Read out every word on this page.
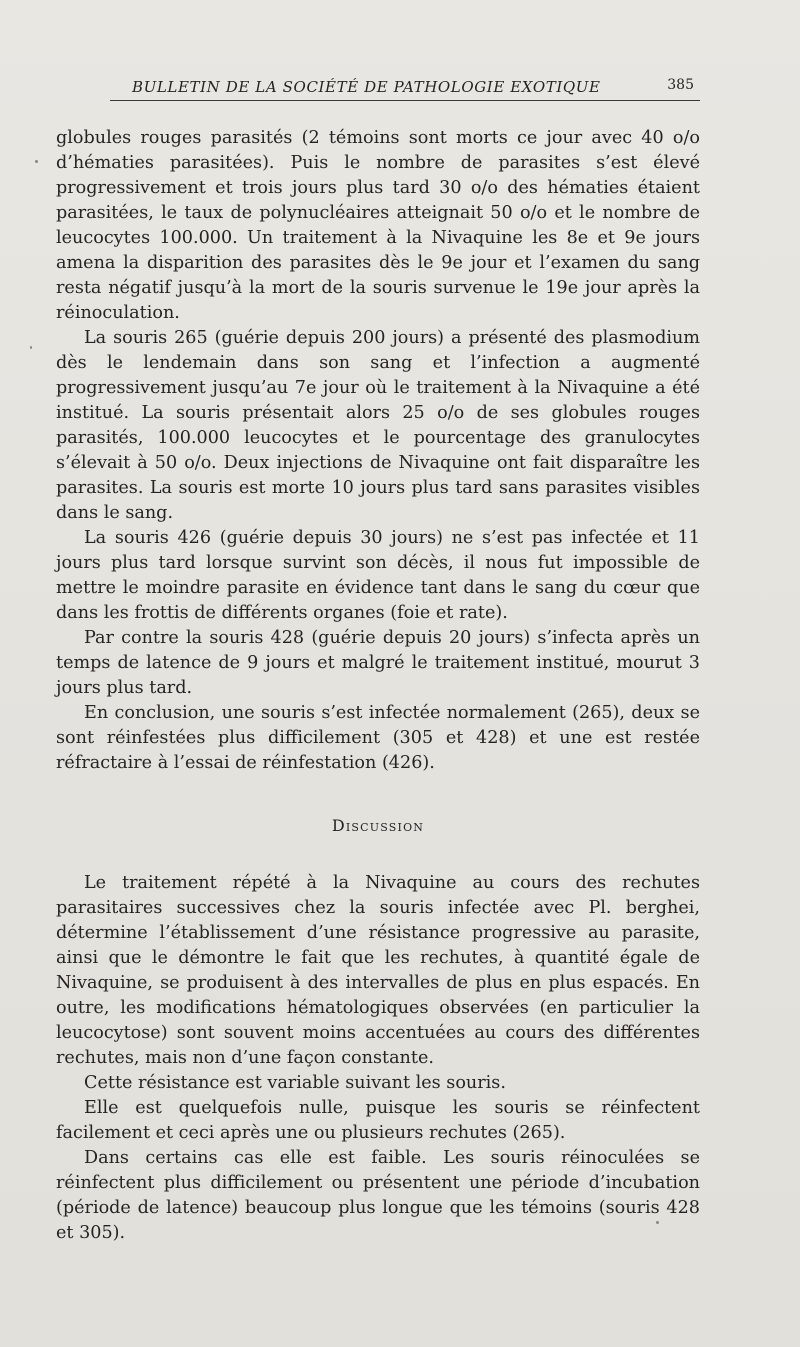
BULLETIN DE LA SOCIÉTÉ DE PATHOLOGIE EXOTIQUE	385

globules rouges parasités (2 témoins sont morts ce jour avec 40 o/o d’hématies parasitées). Puis le nombre de parasites s’est élevé progressivement et trois jours plus tard 30 o/o des hématies étaient parasitées, le taux de polynucléaires atteignait 50 o/o et le nombre de leucocytes 100.000. Un traitement à la Nivaquine les 8e et 9e jours amena la disparition des parasites dès le 9e jour et l’examen du sang resta négatif jusqu’à la mort de la souris survenue le 19e jour après la réinoculation.

La souris 265 (guérie depuis 200 jours) a présenté des plasmodium dès le lendemain dans son sang et l’infection a augmenté progressivement jusqu’au 7e jour où le traitement à la Nivaquine a été institué. La souris présentait alors 25 o/o de ses globules rouges parasités, 100.000 leucocytes et le pourcentage des granulocytes s’élevait à 50 o/o. Deux injections de Nivaquine ont fait disparaître les parasites. La souris est morte 10 jours plus tard sans parasites visibles dans le sang.

La souris 426 (guérie depuis 30 jours) ne s’est pas infectée et 11 jours plus tard lorsque survint son décès, il nous fut impossible de mettre le moindre parasite en évidence tant dans le sang du cœur que dans les frottis de différents organes (foie et rate).

Par contre la souris 428 (guérie depuis 20 jours) s’infecta après un temps de latence de 9 jours et malgré le traitement institué, mourut 3 jours plus tard.

En conclusion, une souris s’est infectée normalement (265), deux se sont réinfestées plus difficilement (305 et 428) et une est restée réfractaire à l’essai de réinfestation (426).

Discussion

Le traitement répété à la Nivaquine au cours des rechutes parasitaires successives chez la souris infectée avec Pl. berghei, détermine l’établissement d’une résistance progressive au parasite, ainsi que le démontre le fait que les rechutes, à quantité égale de Nivaquine, se produisent à des intervalles de plus en plus espacés. En outre, les modifications hématologiques observées (en particulier la leucocytose) sont souvent moins accentuées au cours des différentes rechutes, mais non d’une façon constante.

Cette résistance est variable suivant les souris.

Elle est quelquefois nulle, puisque les souris se réinfectent facilement et ceci après une ou plusieurs rechutes (265).

Dans certains cas elle est faible. Les souris réinoculées se réinfectent plus difficilement ou présentent une période d’incubation (période de latence) beaucoup plus longue que les témoins (souris 428 et 305).
